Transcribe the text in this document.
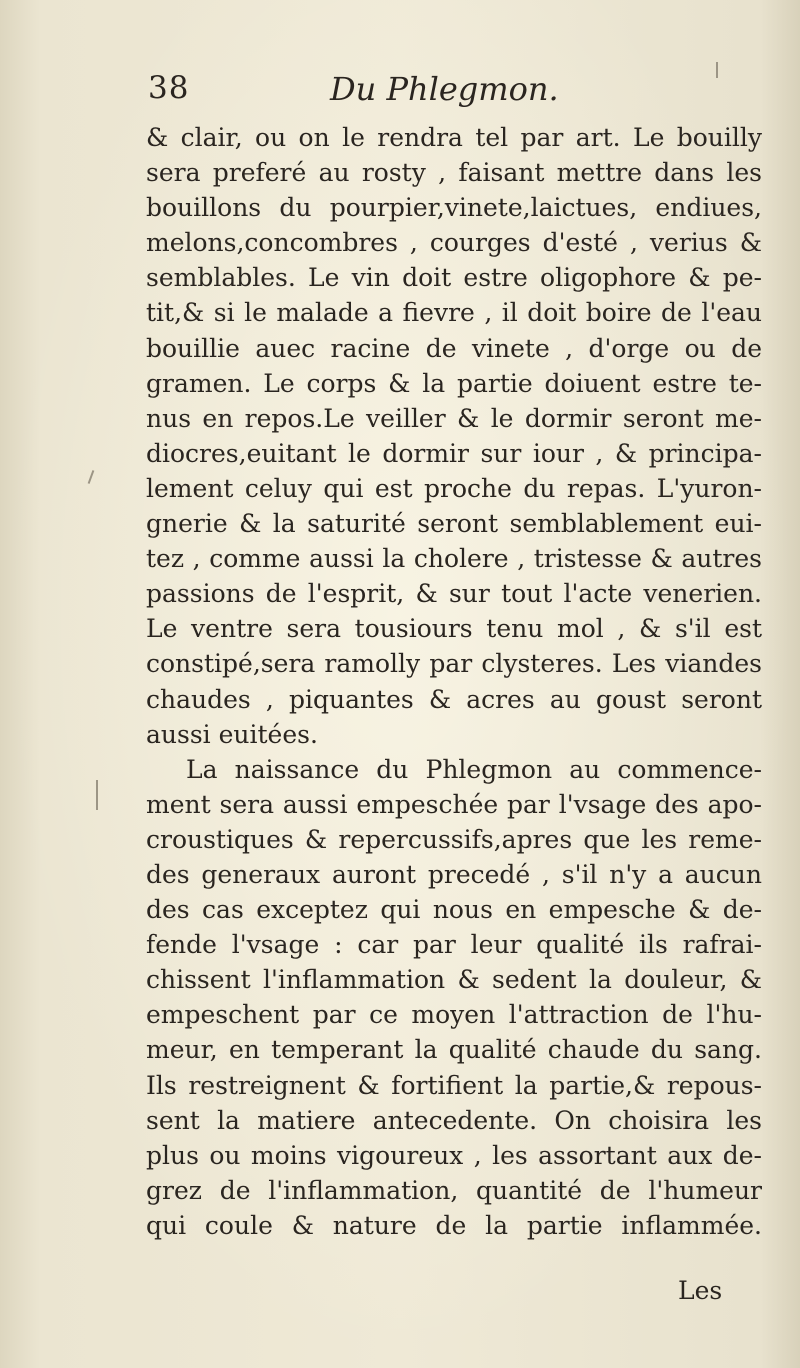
38	Du Phlegmon.
& clair, ou on le rendra tel par art. Le bouilly
sera preferé au rosty , faisant mettre dans les
bouillons du pourpier,vinete,laictues, endiues,
melons,concombres , courges d'esté , verius &
semblables. Le vin doit estre oligophore & pe-
tit,& si le malade a fievre , il doit boire de l'eau
bouillie auec racine de vinete , d'orge ou de
gramen. Le corps & la partie doiuent estre te-
nus en repos.Le veiller & le dormir seront me-
diocres,euitant le dormir sur iour , & principa-
lement celuy qui est proche du repas. L'yuron-
gnerie & la saturité seront semblablement eui-
tez , comme aussi la cholere , tristesse & autres
passions de l'esprit, & sur tout l'acte venerien.
Le ventre sera tousiours tenu mol , & s'il est
constipé,sera ramolly par clysteres. Les viandes
chaudes , piquantes & acres au goust seront
aussi euitées.
La naissance du Phlegmon au commence-
ment sera aussi empeschée par l'vsage des apo-
croustiques & repercussifs,apres que les reme-
des generaux auront precedé , s'il n'y a aucun
des cas exceptez qui nous en empesche & de-
fende l'vsage : car par leur qualité ils rafrai-
chissent l'inflammation & sedent la douleur, &
empeschent par ce moyen l'attraction de l'hu-
meur, en temperant la qualité chaude du sang.
Ils restreignent & fortifient la partie,& repous-
sent la matiere antecedente. On choisira les
plus ou moins vigoureux , les assortant aux de-
grez de l'inflammation, quantité de l'humeur
qui coule & nature de la partie inflammée.
Les
